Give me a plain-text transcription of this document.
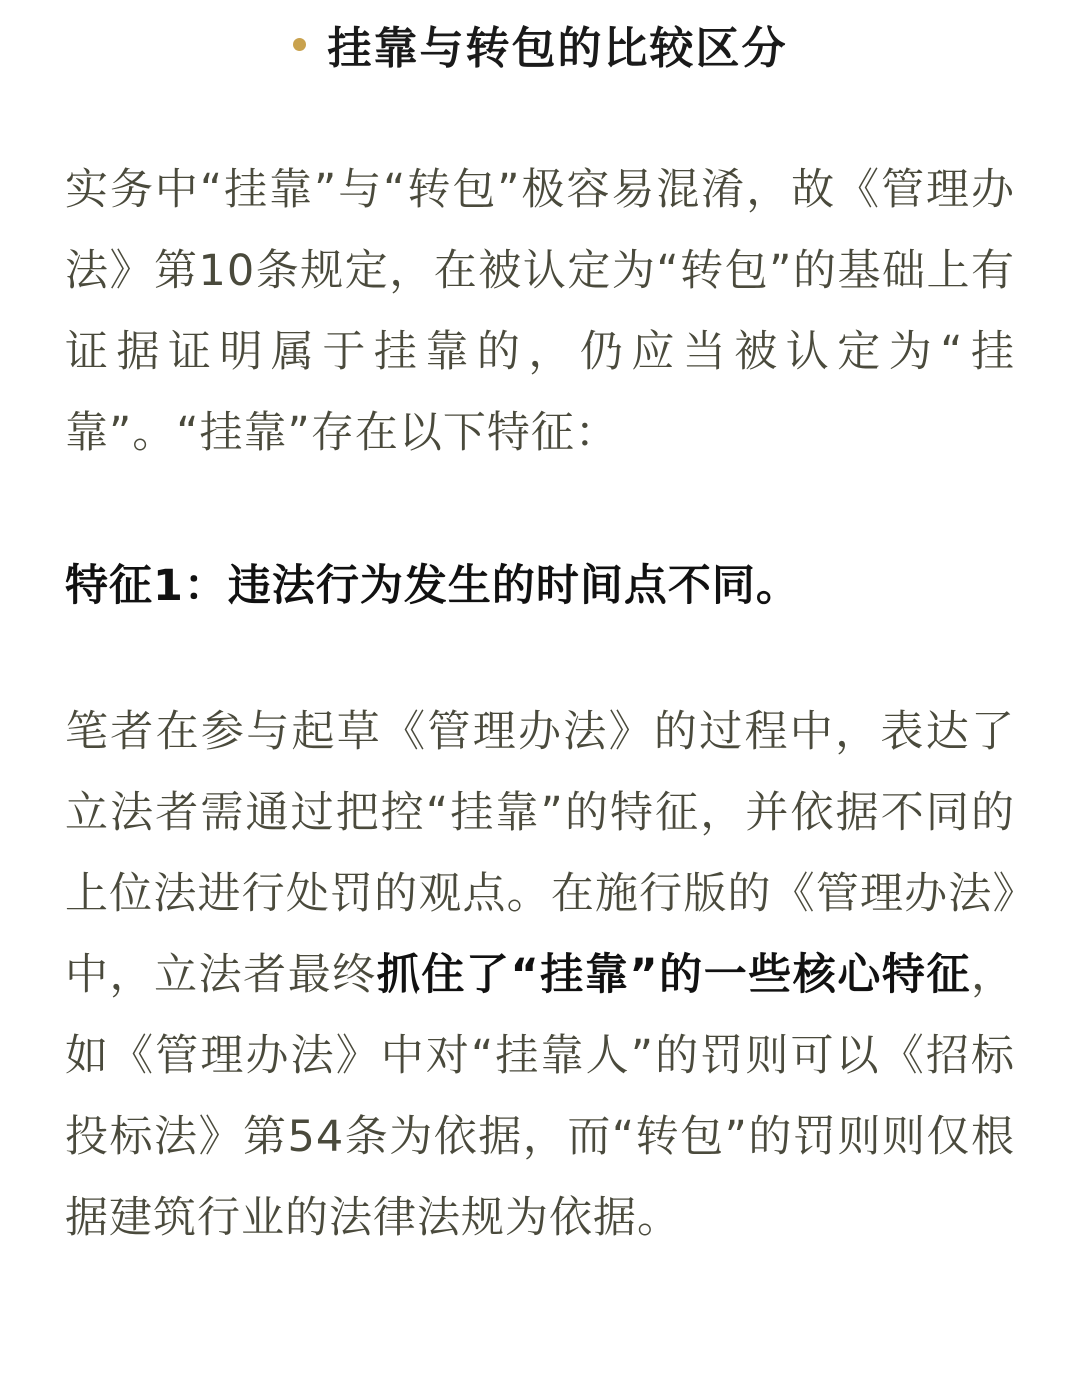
挂靠与转包的比较区分

实务中“挂靠”与“转包”极容易混淆，故《管理办法》第10条规定，在被认定为“转包”的基础上有证据证明属于挂靠的，仍应当被认定为“挂靠”。“挂靠”存在以下特征：

特征1：违法行为发生的时间点不同。

笔者在参与起草《管理办法》的过程中，表达了立法者需通过把控“挂靠”的特征，并依据不同的上位法进行处罚的观点。在施行版的《管理办法》中，立法者最终抓住了“挂靠”的一些核心特征，如《管理办法》中对“挂靠人”的罚则可以《招标投标法》第54条为依据，而“转包”的罚则则仅根据建筑行业的法律法规为依据。
